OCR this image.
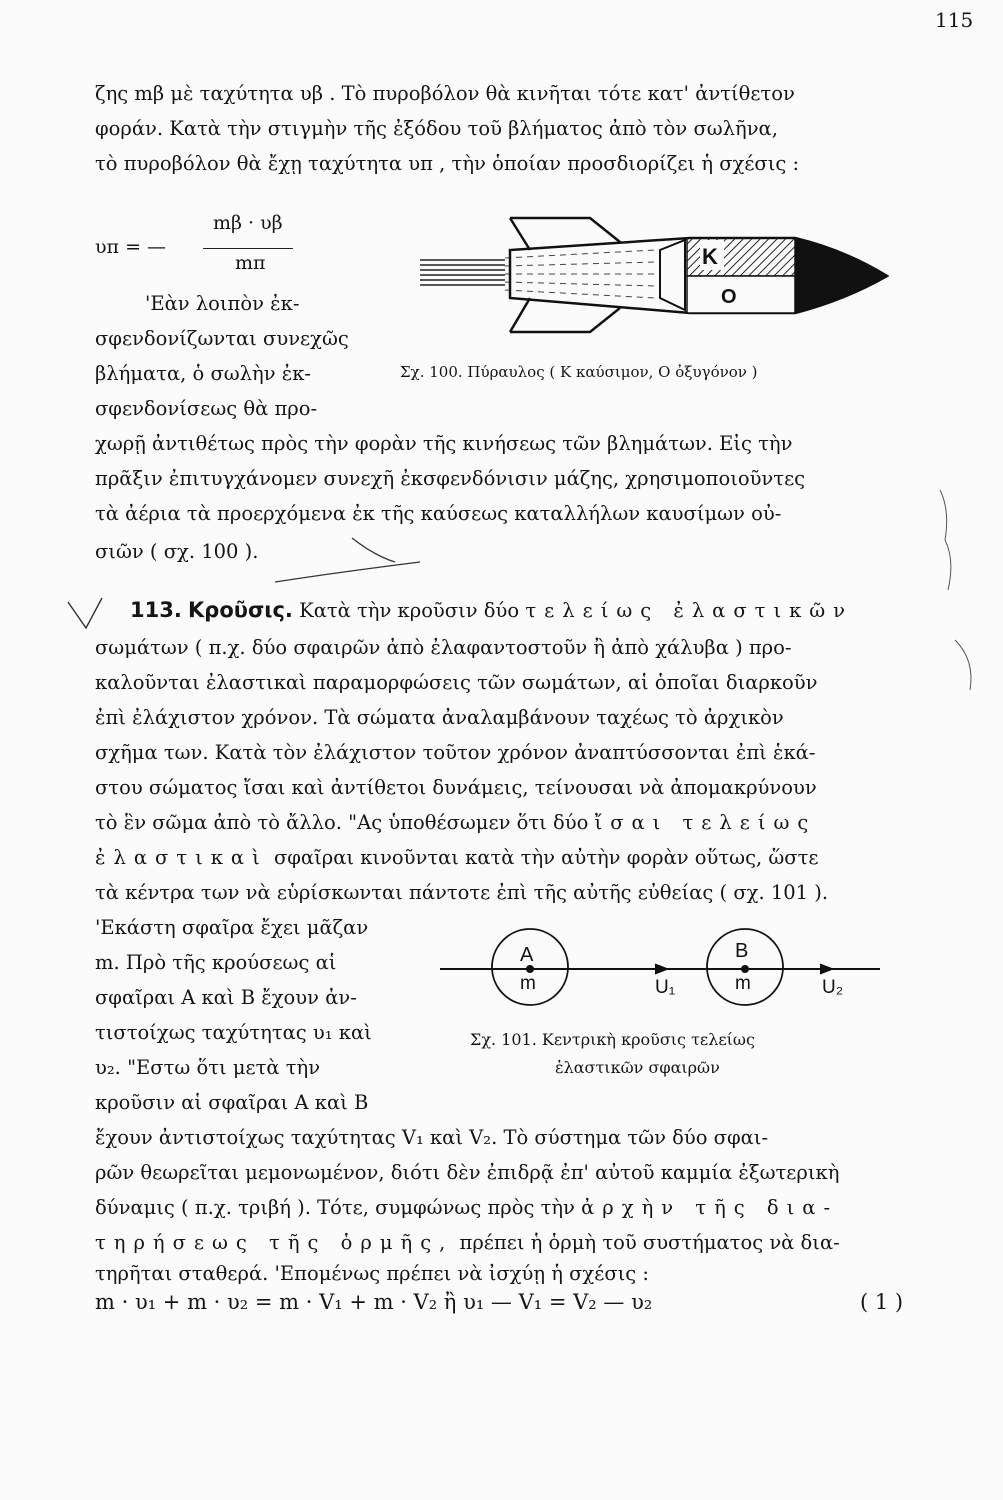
115

ζης mβ μὲ ταχύτητα υβ . Τὸ πυροβόλον θὰ κινῆται τότε κατ' ἀντίθετον

φοράν. Κατὰ τὴν στιγμὴν τῆς ἐξόδου τοῦ βλήματος ἀπὸ τὸν σωλῆνα,

τὸ πυροβόλον θὰ ἔχῃ ταχύτητα υπ , τὴν ὁποίαν προσδιορίζει ἡ σχέσις :

υπ = —
mβ · υβ
mπ	K
O
Σχ. 100. Πύραυλος ( K καύσιμον, O ὀξυγόνον )

'Εὰν λοιπὸν ἐκ-

σφενδονίζωνται συνεχῶς

βλήματα, ὁ σωλὴν ἐκ-

σφενδονίσεως θὰ προ-

χωρῇ ἀντιθέτως πρὸς τὴν φορὰν τῆς κινήσεως τῶν βλημάτων. Εἰς τὴν

πρᾶξιν ἐπιτυγχάνομεν συνεχῆ ἐκσφενδόνισιν μάζης, χρησιμοποιοῦντες

τὰ ἀέρια τὰ προερχόμενα ἐκ τῆς καύσεως καταλλήλων καυσίμων οὐ-

σιῶν ( σχ. 100 ).

113. Κροῦσις. Κατὰ τὴν κροῦσιν δύο τελείως ἐλαστικῶν

σωμάτων ( π.χ. δύο σφαιρῶν ἀπὸ ἐλαφαντοστοῦν ἢ ἀπὸ χάλυβα ) προ-

καλοῦνται ἐλαστικαὶ παραμορφώσεις τῶν σωμάτων, αἱ ὁποῖαι διαρκοῦν

ἐπὶ ἐλάχιστον χρόνον. Τὰ σώματα ἀναλαμβάνουν ταχέως τὸ ἀρχικὸν

σχῆμα των. Κατὰ τὸν ἐλάχιστον τοῦτον χρόνον ἀναπτύσσονται ἐπὶ ἑκά-

στου σώματος ἴσαι καὶ ἀντίθετοι δυνάμεις, τείνουσαι νὰ ἀπομακρύνουν

τὸ ἓν σῶμα ἀπὸ τὸ ἄλλο. "Ας ὑποθέσωμεν ὅτι δύο ἴσαι τελείως

ἐλαστικαὶ σφαῖραι κινοῦνται κατὰ τὴν αὐτὴν φορὰν οὕτως, ὥστε

τὰ κέντρα των νὰ εὑρίσκωνται πάντοτε ἐπὶ τῆς αὐτῆς εὐθείας ( σχ. 101 ).

'Εκάστη σφαῖρα ἔχει μᾶζαν

m. Πρὸ τῆς κρούσεως αἱ

σφαῖραι A καὶ B ἔχουν ἀν-

τιστοίχως ταχύτητας υ₁ καὶ

υ₂. "Εστω ὅτι μετὰ τὴν

κροῦσιν αἱ σφαῖραι A καὶ B

A	B
m	m
U₁	U₂
Σχ. 101. Κεντρικὴ κροῦσις τελείως
ἐλαστικῶν σφαιρῶν

ἔχουν ἀντιστοίχως ταχύτητας V₁ καὶ V₂. Τὸ σύστημα τῶν δύο σφαι-

ρῶν θεωρεῖται μεμονωμένον, διότι δὲν ἐπιδρᾷ ἐπ' αὐτοῦ καμμία ἐξωτερικὴ

δύναμις ( π.χ. τριβή ). Τότε, συμφώνως πρὸς τὴν ἀρχὴν τῆς δια-

τηρήσεως τῆς ὁρμῆς, πρέπει ἡ ὁρμὴ τοῦ συστήματος νὰ δια-

τηρῆται σταθερά. 'Επομένως πρέπει νὰ ἰσχύῃ ἡ σχέσις :

m · υ₁ + m · υ₂ = m · V₁ + m · V₂ ἢ υ₁ — V₁ = V₂ — υ₂	( 1 )
